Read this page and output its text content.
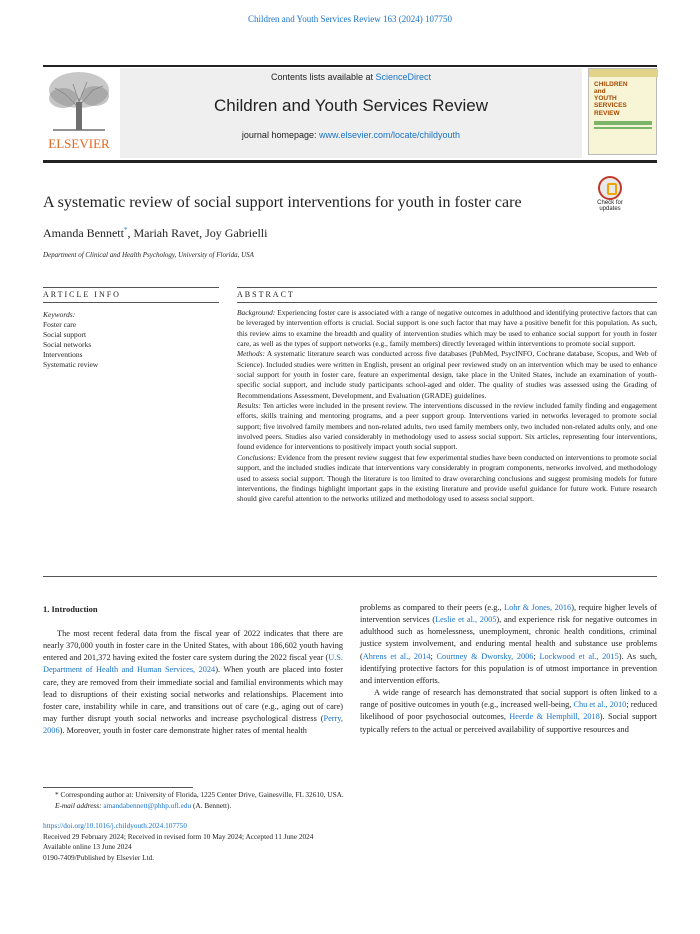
Children and Youth Services Review 163 (2024) 107750
ELSEVIER
Contents lists available at ScienceDirect
Children and Youth Services Review
journal homepage: www.elsevier.com/locate/childyouth
CHILDREN
and
YOUTH
SERVICES
REVIEW
A systematic review of social support interventions for youth in foster care	Check for
updates
Amanda Bennett*, Mariah Ravet, Joy Gabrielli
Department of Clinical and Health Psychology, University of Florida, USA
ARTICLE INFO	ABSTRACT
Keywords:
Foster care
Social support
Social networks
Interventions
Systematic review

Background: Experiencing foster care is associated with a range of negative outcomes in adulthood and identifying protective factors that can be leveraged by intervention efforts is crucial. Social support is one such factor that may have a positive benefit for this population. As such, this review aims to examine the breadth and quality of intervention studies which may be used to enhance social support for youth in foster care, as well as the types of support networks (e.g., family members) directly leveraged within interventions to promote social support.

Methods: A systematic literature search was conducted across five databases (PubMed, PsycINFO, Cochrane database, Scopus, and Web of Science). Included studies were written in English, present an original peer reviewed study on an intervention which may be used to enhance social support for youth in foster care, feature an experimental design, take place in the United States, include an examination of youth-specific social support, and include study participants school-aged and older. The quality of studies was assessed using the Grading of Recommendations Assessment, Development, and Evaluation (GRADE) guidelines.

Results: Ten articles were included in the present review. The interventions discussed in the review included family finding and engagement efforts, skills training and mentoring programs, and a peer support group. Interventions varied in networks leveraged to promote social support; five involved family members and non-related adults, two used family members only, two included non-related adults only, and one involved peers. Studies also varied considerably in methodology used to assess social support. Six articles, representing four interventions, found evidence for interventions to positively impact youth social support.

Conclusions: Evidence from the present review suggest that few experimental studies have been conducted on interventions to promote social support, and the included studies indicate that interventions vary considerably in program components, networks involved, and methodology used to assess social support. Though the literature is too limited to draw overarching conclusions and suggest promising models for future interventions, the findings highlight important gaps in the existing literature and provide useful guidance for future work. Future research should give careful attention to the networks utilized and methodology used to assess social support.

1. Introduction

The most recent federal data from the fiscal year of 2022 indicates that there are nearly 370,000 youth in foster care in the United States, with about 186,602 youth having entered and 201,372 having exited the foster care system during the 2022 fiscal year (U.S. Department of Health and Human Services, 2024). When youth are placed into foster care, they are removed from their immediate social and familial environments which may lead to disruptions of their existing social networks and relationships. Placement into foster care, instability while in care, and transitions out of care (e.g., aging out of care) may further disrupt youth social networks and increase psychological distress (Perry, 2006). Moreover, youth in foster care demonstrate higher rates of mental health

problems as compared to their peers (e.g., Lohr & Jones, 2016), require higher levels of intervention services (Leslie et al., 2005), and experience risk for negative outcomes in adulthood such as homelessness, unemployment, chronic health conditions, criminal justice system involvement, and enduring mental health and substance use problems (Ahrens et al., 2014; Courtney & Dworsky, 2006; Lockwood et al., 2015). As such, identifying protective factors for this population is of utmost importance in prevention and intervention efforts.

A wide range of research has demonstrated that social support is often linked to a range of positive outcomes in youth (e.g., increased well-being, Chu et al., 2010; reduced likelihood of poor psychosocial outcomes, Heerde & Hemphill, 2018). Social support typically refers to the actual or perceived availability of supportive resources and

* Corresponding author at: University of Florida, 1225 Center Drive, Gainesville, FL 32610, USA.
E-mail address: amandabennett@phhp.ufl.edu (A. Bennett).
https://doi.org/10.1016/j.childyouth.2024.107750
Received 29 February 2024; Received in revised form 10 May 2024; Accepted 11 June 2024
Available online 13 June 2024
0190-7409/Published by Elsevier Ltd.
